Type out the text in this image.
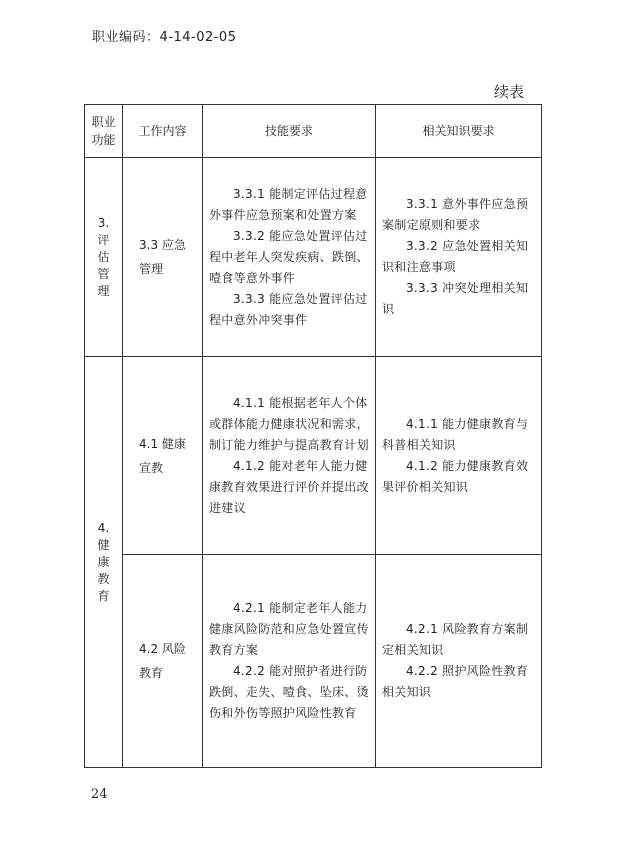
职业编码：4-14-02-05
续表
职业功能	工作内容	技能要求	相关知识要求

3.
评
估
管
理	3.3 应急管理	3.3.1 能制定评估过程意外事件应急预案和处置方案
3.3.2 能应急处置评估过程中老年人突发疾病、跌倒、噎食等意外事件
3.3.3 能应急处置评估过程中意外冲突事件	3.3.1 意外事件应急预案制定原则和要求
3.3.2 应急处置相关知识和注意事项
3.3.3 冲突处理相关知识

4.
健
康
教
育	4.1 健康宣教	4.1.1 能根据老年人个体或群体能力健康状况和需求，制订能力维护与提高教育计划
4.1.2 能对老年人能力健康教育效果进行评价并提出改进建议	4.1.1 能力健康教育与科普相关知识
4.1.2 能力健康教育效果评价相关知识

	4.2 风险教育	4.2.1 能制定老年人能力健康风险防范和应急处置宣传教育方案
4.2.2 能对照护者进行防跌倒、走失、噎食、坠床、烫伤和外伤等照护风险性教育	4.2.1 风险教育方案制定相关知识
4.2.2 照护风险性教育相关知识
24
